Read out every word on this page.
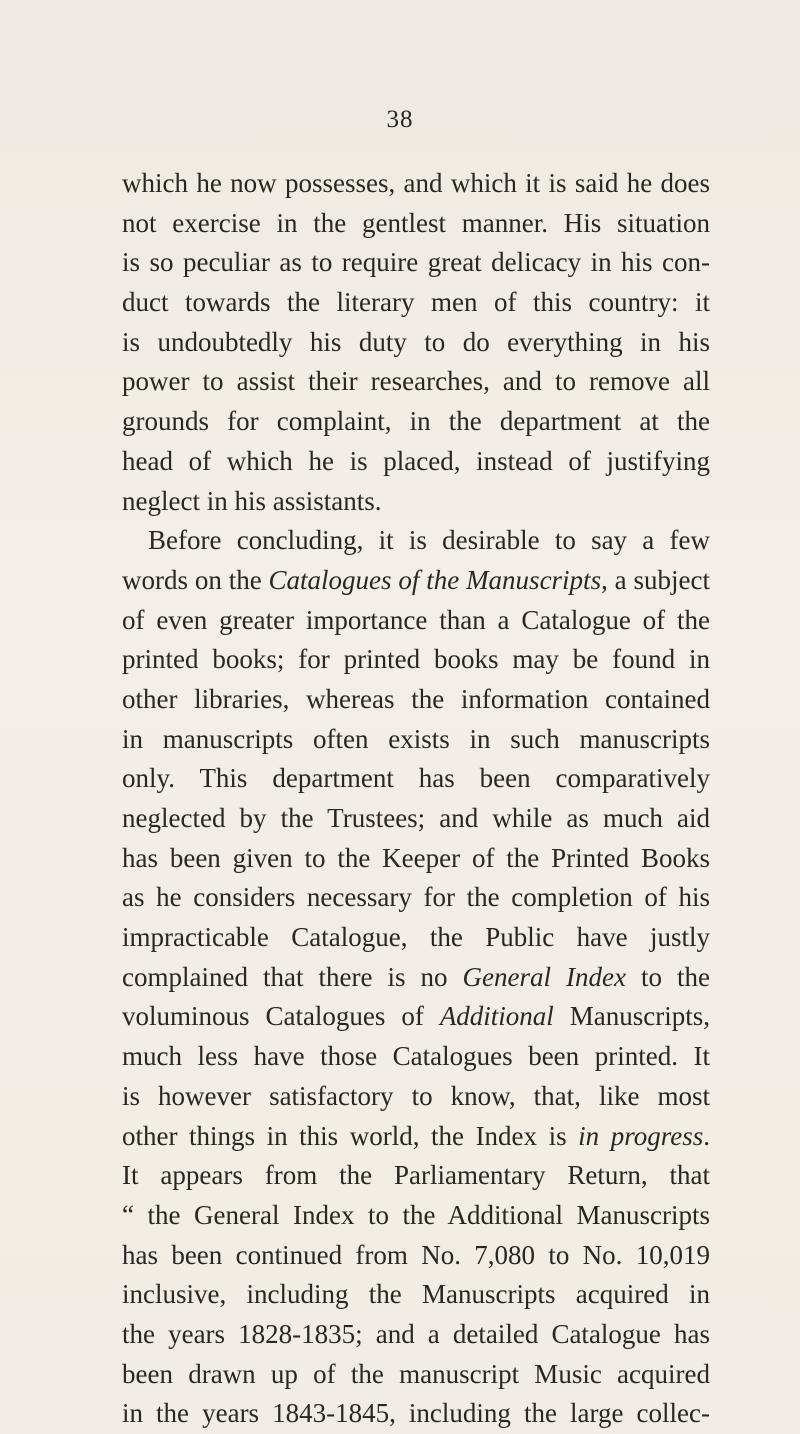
38
which he now possesses, and which it is said he does
not exercise in the gentlest manner. His situation
is so peculiar as to require great delicacy in his con-
duct towards the literary men of this country: it
is undoubtedly his duty to do everything in his
power to assist their researches, and to remove all
grounds for complaint, in the department at the
head of which he is placed, instead of justifying
neglect in his assistants.
Before concluding, it is desirable to say a few
words on the Catalogues of the Manuscripts, a subject
of even greater importance than a Catalogue of the
printed books; for printed books may be found in
other libraries, whereas the information contained
in manuscripts often exists in such manuscripts
only. This department has been comparatively
neglected by the Trustees; and while as much aid
has been given to the Keeper of the Printed Books
as he considers necessary for the completion of his
impracticable Catalogue, the Public have justly
complained that there is no General Index to the
voluminous Catalogues of Additional Manuscripts,
much less have those Catalogues been printed. It
is however satisfactory to know, that, like most
other things in this world, the Index is in progress.
It appears from the Parliamentary Return, that
“ the General Index to the Additional Manuscripts
has been continued from No. 7,080 to No. 10,019
inclusive, including the Manuscripts acquired in
the years 1828-1835; and a detailed Catalogue has
been drawn up of the manuscript Music acquired
in the years 1843-1845, including the large collec-
